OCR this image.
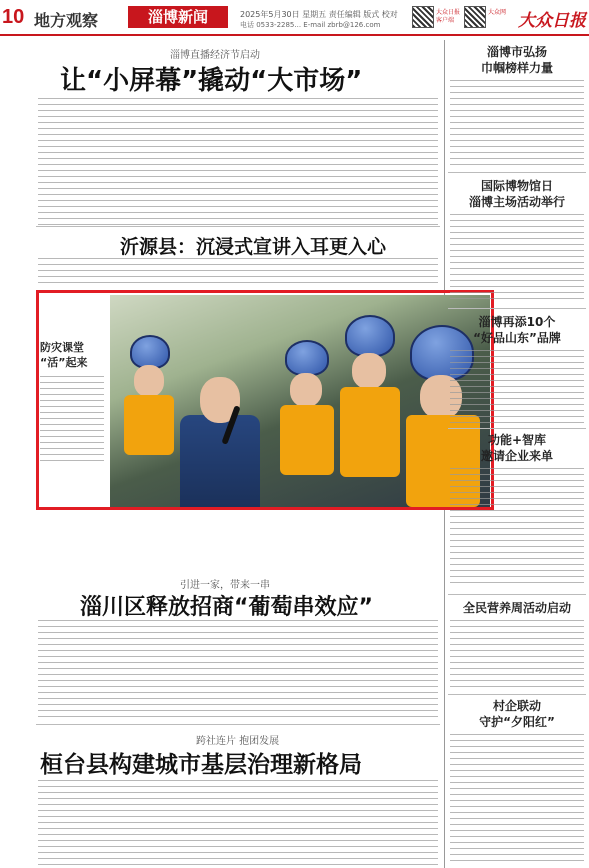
10 地方观察	淄博新闻	2025年5月30日 星期五 责任编辑 版式 校对
电话 0533-2285... E-mail zbrb@126.com
大众日报客户端
大众网 大众日报
淄博直播经济节启动
让“小屏幕”撬动“大市场”
沂源县：沉浸式宣讲入耳更入心
防灾课堂
“活”起来
引进一家，带来一串
淄川区释放招商“葡萄串效应”
跨社连片 抱团发展
桓台县构建城市基层治理新格局
淄博市弘扬
巾帼榜样力量
国际博物馆日
淄博主场活动举行
淄博再添10个
“好品山东”品牌
功能+智库
邀请企业来单
全民营养周活动启动
村企联动
守护“夕阳红”
